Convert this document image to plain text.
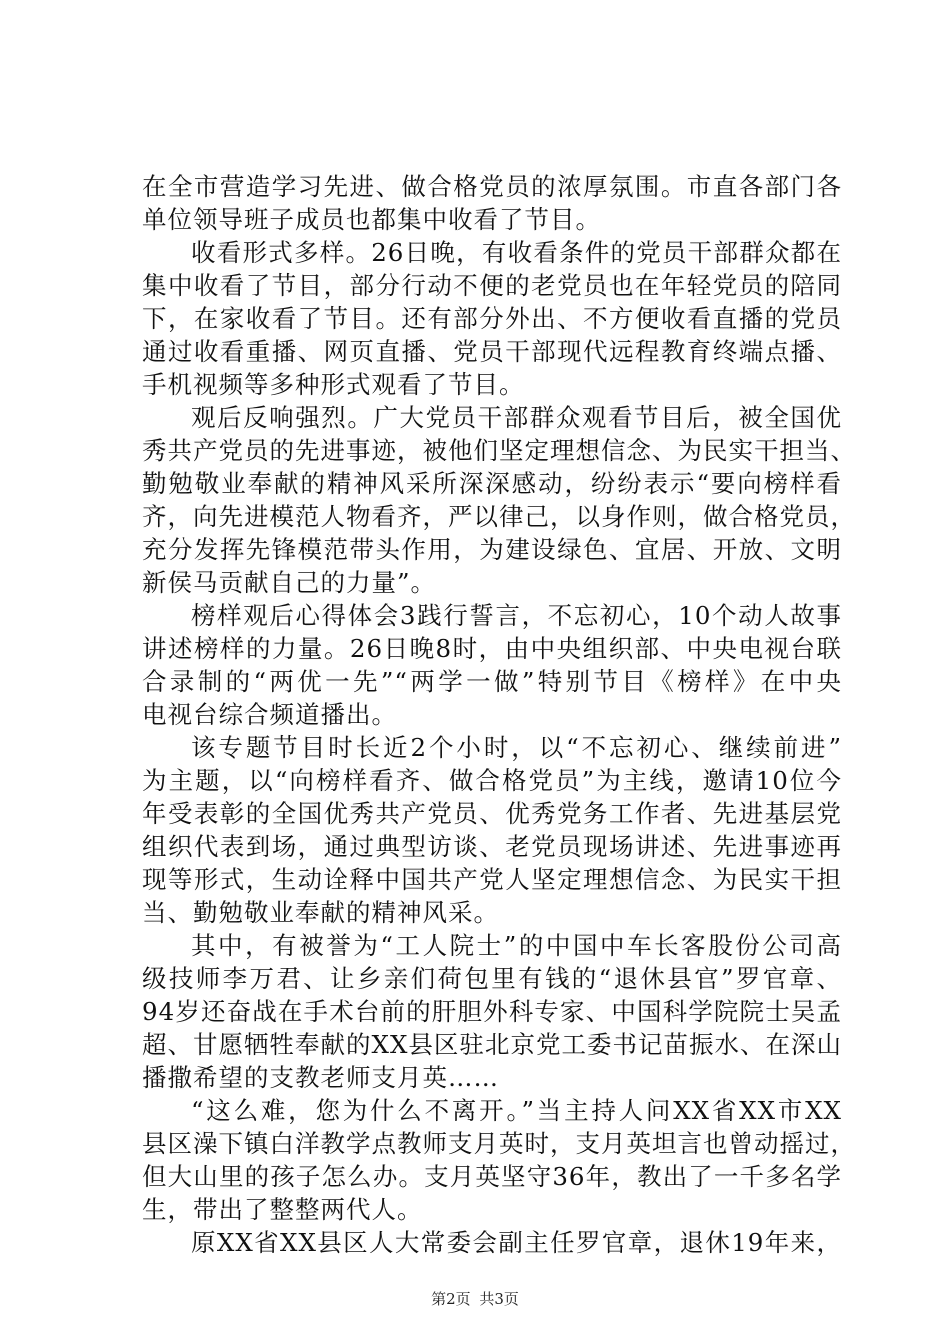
在全市营造学习先进、做合格党员的浓厚氛围。市直各部门各
单位领导班子成员也都集中收看了节目。
收看形式多样。26日晚，有收看条件的党员干部群众都在
集中收看了节目，部分行动不便的老党员也在年轻党员的陪同
下，在家收看了节目。还有部分外出、不方便收看直播的党员
通过收看重播、网页直播、党员干部现代远程教育终端点播、
手机视频等多种形式观看了节目。
观后反响强烈。广大党员干部群众观看节目后，被全国优
秀共产党员的先进事迹，被他们坚定理想信念、为民实干担当、
勤勉敬业奉献的精神风采所深深感动，纷纷表示“要向榜样看
齐，向先进模范人物看齐，严以律己，以身作则，做合格党员，
充分发挥先锋模范带头作用，为建设绿色、宜居、开放、文明
新侯马贡献自己的力量”。
榜样观后心得体会3践行誓言，不忘初心，10个动人故事
讲述榜样的力量。26日晚8时，由中央组织部、中央电视台联
合录制的“两优一先”“两学一做”特别节目《榜样》在中央
电视台综合频道播出。
该专题节目时长近2个小时，以“不忘初心、继续前进”
为主题，以“向榜样看齐、做合格党员”为主线，邀请10位今
年受表彰的全国优秀共产党员、优秀党务工作者、先进基层党
组织代表到场，通过典型访谈、老党员现场讲述、先进事迹再
现等形式，生动诠释中国共产党人坚定理想信念、为民实干担
当、勤勉敬业奉献的精神风采。
其中，有被誉为“工人院士”的中国中车长客股份公司高
级技师李万君、让乡亲们荷包里有钱的“退休县官”罗官章、
94岁还奋战在手术台前的肝胆外科专家、中国科学院院士吴孟
超、甘愿牺牲奉献的XX县区驻北京党工委书记苗振水、在深山
播撒希望的支教老师支月英……
“这么难，您为什么不离开。”当主持人问XX省XX市XX
县区澡下镇白洋教学点教师支月英时，支月英坦言也曾动摇过，
但大山里的孩子怎么办。支月英坚守36年，教出了一千多名学
生，带出了整整两代人。
原XX省XX县区人大常委会副主任罗官章，退休19年来，
第2页 共3页
